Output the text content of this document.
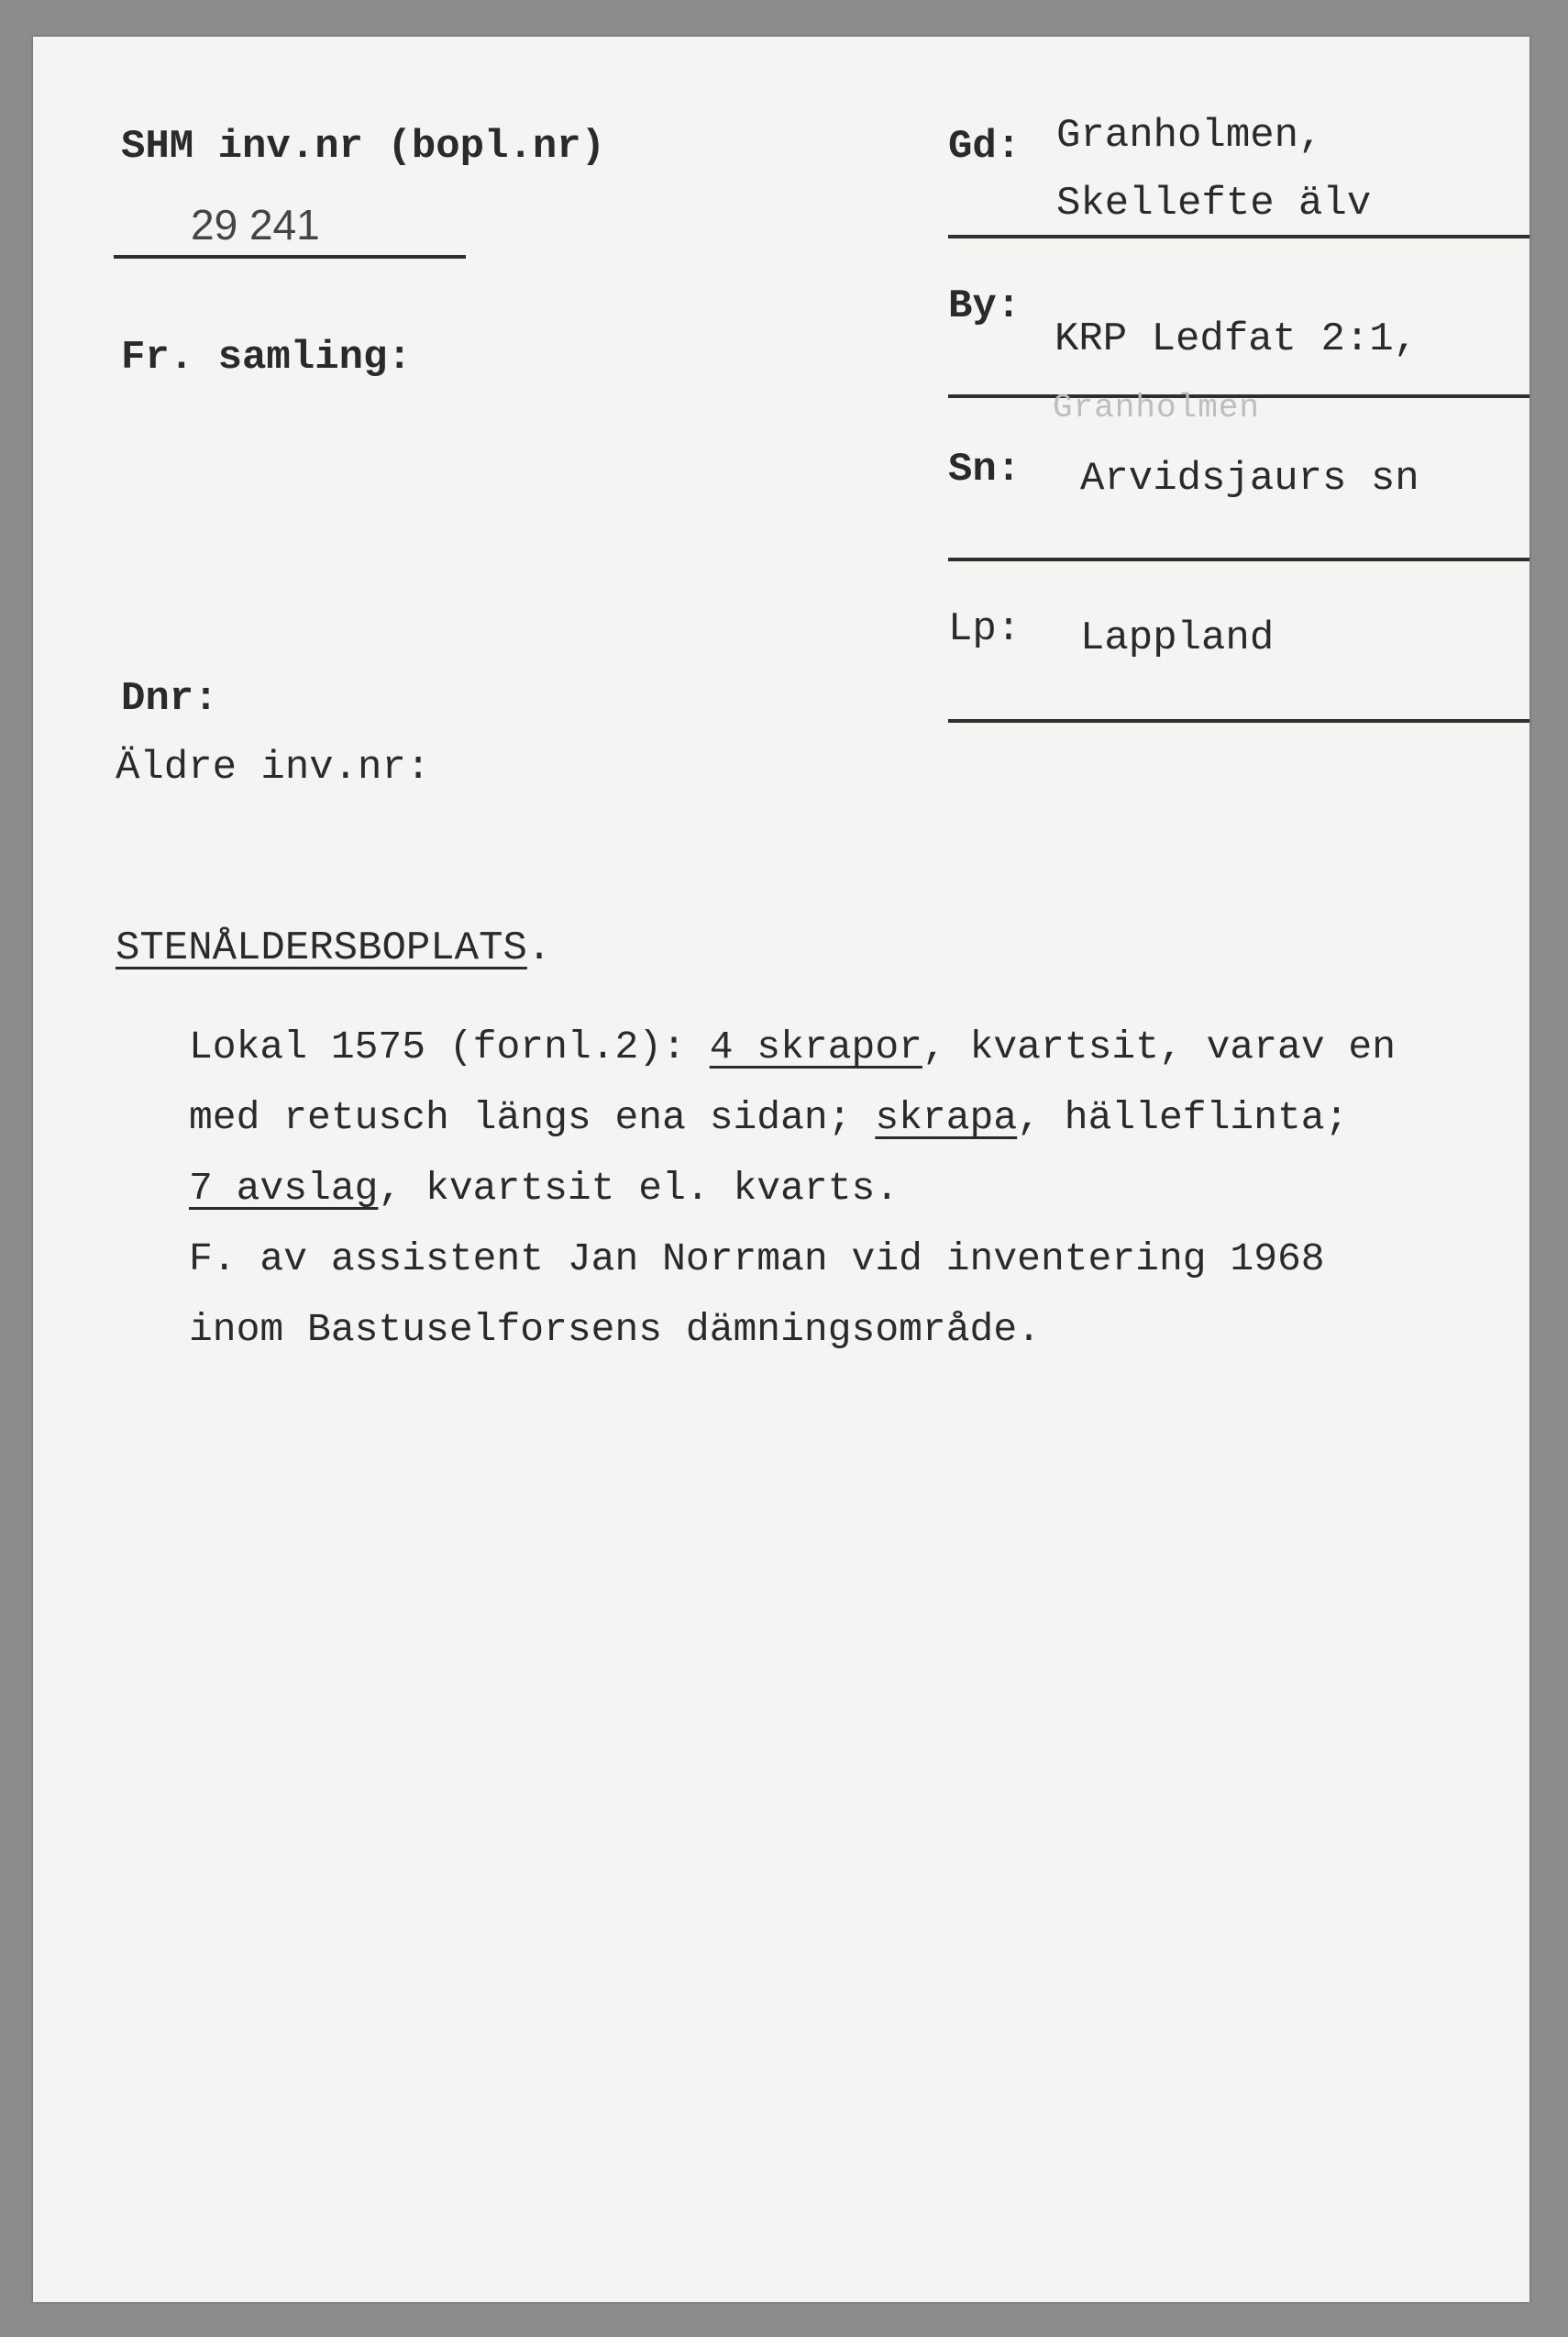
SHM inv.nr (bopl.nr)
29 241
Fr. samling:
Dnr:
Äldre inv.nr:
Gd: Granholmen,
Skellefte älv
By:
KRP Ledfat 2:1,
Granholmen
Sn: Arvidsjaurs sn
Lp: Lappland
STENÅLDERSBOPLATS.
Lokal 1575 (fornl.2): 4 skrapor, kvartsit, varav en
med retusch längs ena sidan; skrapa, hälleflinta;
7 avslag, kvartsit el. kvarts.
F. av assistent Jan Norrman vid inventering 1968
inom Bastuselforsens dämningsområde.
